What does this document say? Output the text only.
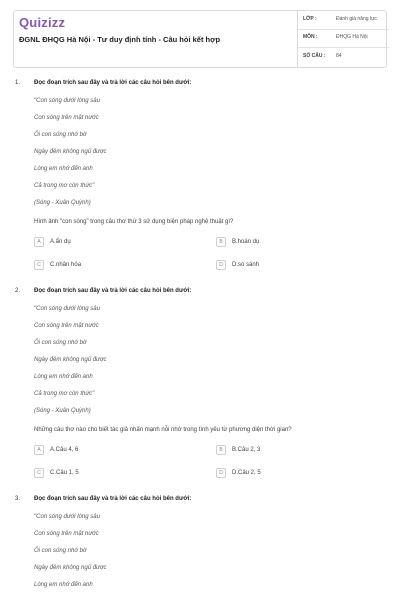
Quizizz
ĐGNL ĐHQG Hà Nội - Tư duy định tính - Câu hỏi kết hợp
LỚP :	Đánh giá năng lực
MÔN :	ĐHQG Hà Nội
SỐ CÂU : 84
1. Đọc đoạn trích sau đây và trả lời các câu hỏi bên dưới:
"Con sóng dưới lòng sâu
Con sóng trên mặt nước
Ôi con sóng nhớ bờ
Ngày đêm không ngủ được
Lòng em nhớ đến anh
Cả trong mơ còn thức"
(Sóng - Xuân Quỳnh)
Hình ảnh "con sóng" trong câu thơ thứ 3 sử dụng biện pháp nghệ thuật gì?
A	A.ẩn dụ	B	B.hoán dụ
C	C.nhân hóa	D	D.so sánh
2. Đọc đoạn trích sau đây và trả lời các câu hỏi bên dưới:
"Con sóng dưới lòng sâu
Con sóng trên mặt nước
Ôi con sóng nhớ bờ
Ngày đêm không ngủ được
Lòng em nhớ đến anh
Cả trong mơ còn thức"
(Sóng - Xuân Quỳnh)
Những câu thơ nào cho biết tác giả nhấn mạnh nỗi nhớ trong tình yêu từ phương diện thời gian?
A	A.Câu 4, 6	B	B.Câu 2, 3
C	C.Câu 1, 5	D	D.Câu 2, 5
3. Đọc đoạn trích sau đây và trả lời các câu hỏi bên dưới:
"Con sóng dưới lòng sâu
Con sóng trên mặt nước
Ôi con sóng nhớ bờ
Ngày đêm không ngủ được
Lòng em nhớ đến anh
